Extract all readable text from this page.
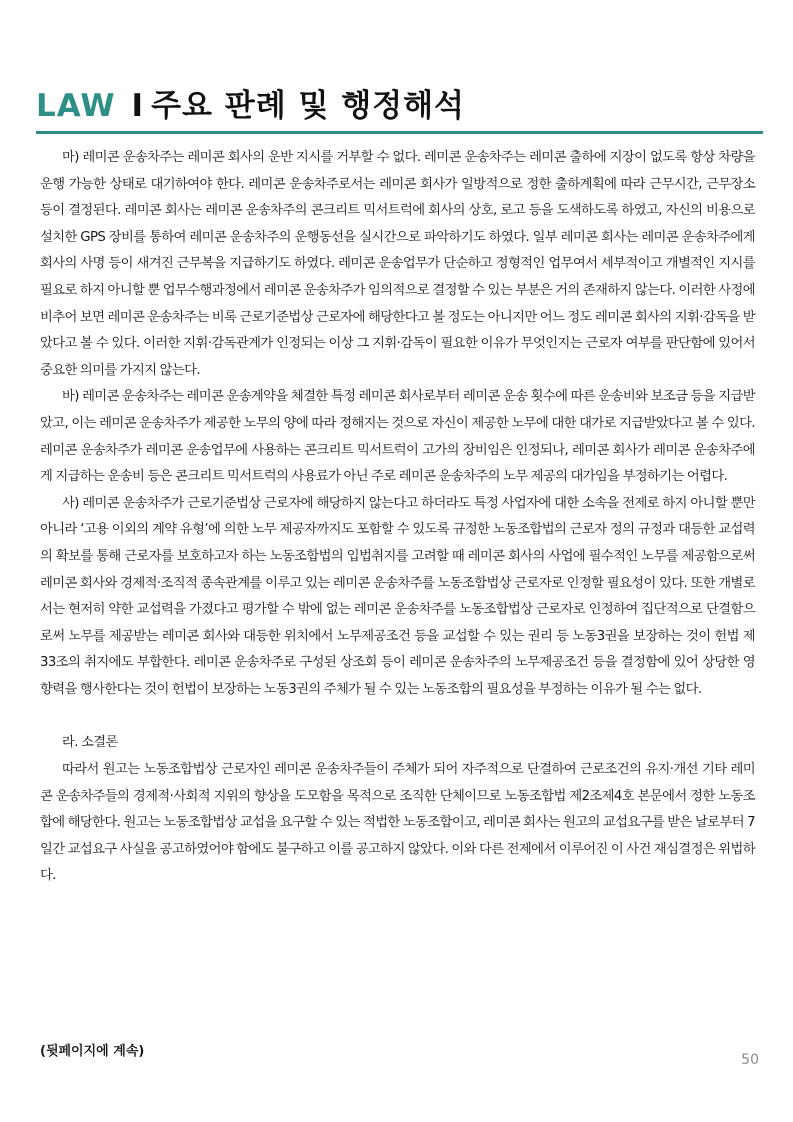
LAW I 주요 판례 및 행정해석

마) 레미콘 운송차주는 레미콘 회사의 운반 지시를 거부할 수 없다. 레미콘 운송차주는 레미콘 출하에 지장이 없도록 항상 차량을 운행 가능한 상태로 대기하여야 한다. 레미콘 운송차주로서는 레미콘 회사가 일방적으로 정한 출하계획에 따라 근무시간, 근무장소 등이 결정된다. 레미콘 회사는 레미콘 운송차주의 콘크리트 믹서트럭에 회사의 상호, 로고 등을 도색하도록 하였고, 자신의 비용으로 설치한 GPS 장비를 통하여 레미콘 운송차주의 운행동선을 실시간으로 파악하기도 하였다. 일부 레미콘 회사는 레미콘 운송차주에게 회사의 사명 등이 새겨진 근무복을 지급하기도 하였다. 레미콘 운송업무가 단순하고 정형적인 업무여서 세부적이고 개별적인 지시를 필요로 하지 아니할 뿐 업무수행과정에서 레미콘 운송차주가 임의적으로 결정할 수 있는 부분은 거의 존재하지 않는다. 이러한 사정에 비추어 보면 레미콘 운송차주는 비록 근로기준법상 근로자에 해당한다고 볼 정도는 아니지만 어느 정도 레미콘 회사의 지휘·감독을 받았다고 볼 수 있다. 이러한 지휘·감독관계가 인정되는 이상 그 지휘·감독이 필요한 이유가 무엇인지는 근로자 여부를 판단함에 있어서 중요한 의미를 가지지 않는다.

바) 레미콘 운송차주는 레미콘 운송계약을 체결한 특정 레미콘 회사로부터 레미콘 운송 횟수에 따른 운송비와 보조금 등을 지급받았고, 이는 레미콘 운송차주가 제공한 노무의 양에 따라 정해지는 것으로 자신이 제공한 노무에 대한 대가로 지급받았다고 볼 수 있다. 레미콘 운송차주가 레미콘 운송업무에 사용하는 콘크리트 믹서트럭이 고가의 장비임은 인정되나, 레미콘 회사가 레미콘 운송차주에게 지급하는 운송비 등은 콘크리트 믹서트럭의 사용료가 아닌 주로 레미콘 운송차주의 노무 제공의 대가임을 부정하기는 어렵다.

사) 레미콘 운송차주가 근로기준법상 근로자에 해당하지 않는다고 하더라도 특정 사업자에 대한 소속을 전제로 하지 아니할 뿐만 아니라 ‘고용 이외의 계약 유형’에 의한 노무 제공자까지도 포함할 수 있도록 규정한 노동조합법의 근로자 정의 규정과 대등한 교섭력의 확보를 통해 근로자를 보호하고자 하는 노동조합법의 입법취지를 고려할 때 레미콘 회사의 사업에 필수적인 노무를 제공함으로써 레미콘 회사와 경제적·조직적 종속관계를 이루고 있는 레미콘 운송차주를 노동조합법상 근로자로 인정할 필요성이 있다. 또한 개별로서는 현저히 약한 교섭력을 가졌다고 평가할 수 밖에 없는 레미콘 운송차주를 노동조합법상 근로자로 인정하여 집단적으로 단결함으로써 노무를 제공받는 레미콘 회사와 대등한 위치에서 노무제공조건 등을 교섭할 수 있는 권리 등 노동3권을 보장하는 것이 헌법 제33조의 취지에도 부합한다. 레미콘 운송차주로 구성된 상조회 등이 레미콘 운송차주의 노무제공조건 등을 결정함에 있어 상당한 영향력을 행사한다는 것이 헌법이 보장하는 노동3권의 주체가 될 수 있는 노동조합의 필요성을 부정하는 이유가 될 수는 없다.

라. 소결론

따라서 원고는 노동조합법상 근로자인 레미콘 운송차주들이 주체가 되어 자주적으로 단결하여 근로조건의 유지·개선 기타 레미콘 운송차주들의 경제적·사회적 지위의 향상을 도모함을 목적으로 조직한 단체이므로 노동조합법 제2조제4호 본문에서 정한 노동조합에 해당한다. 원고는 노동조합법상 교섭을 요구할 수 있는 적법한 노동조합이고, 레미콘 회사는 원고의 교섭요구를 받은 날로부터 7일간 교섭요구 사실을 공고하였어야 함에도 불구하고 이를 공고하지 않았다. 이와 다른 전제에서 이루어진 이 사건 재심결정은 위법하다.

(뒷페이지에 계속)
50
